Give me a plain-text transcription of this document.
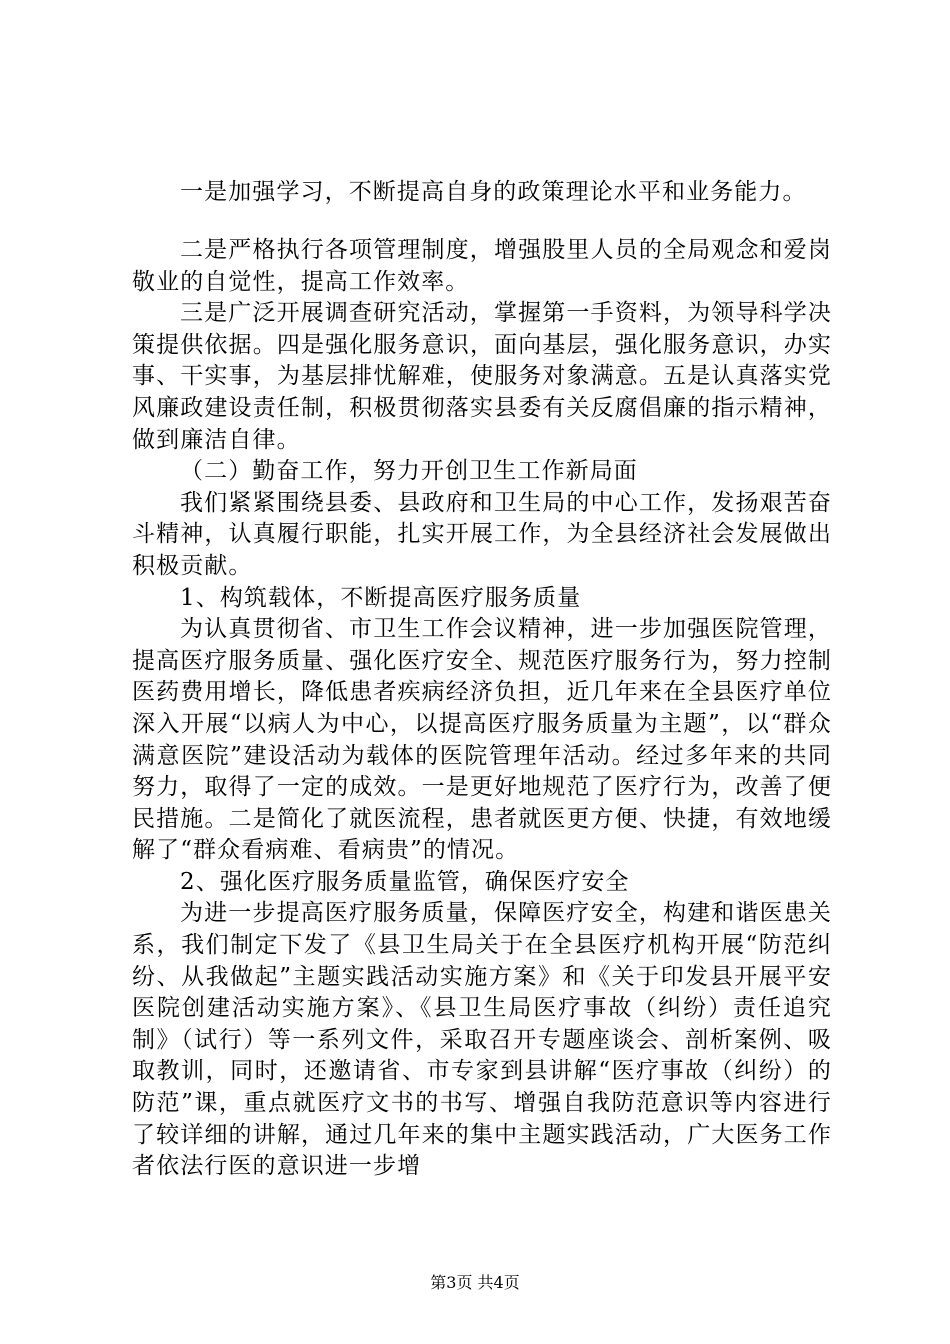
一是加强学习，不断提高自身的政策理论水平和业务能力。

二是严格执行各项管理制度，增强股里人员的全局观念和爱岗敬业的自觉性，提高工作效率。

三是广泛开展调查研究活动，掌握第一手资料，为领导科学决策提供依据。四是强化服务意识，面向基层，强化服务意识，办实事、干实事，为基层排忧解难，使服务对象满意。五是认真落实党风廉政建设责任制，积极贯彻落实县委有关反腐倡廉的指示精神，做到廉洁自律。

（二）勤奋工作，努力开创卫生工作新局面

我们紧紧围绕县委、县政府和卫生局的中心工作，发扬艰苦奋斗精神，认真履行职能，扎实开展工作，为全县经济社会发展做出积极贡献。

1、构筑载体，不断提高医疗服务质量

为认真贯彻省、市卫生工作会议精神，进一步加强医院管理，提高医疗服务质量、强化医疗安全、规范医疗服务行为，努力控制医药费用增长，降低患者疾病经济负担，近几年来在全县医疗单位深入开展“以病人为中心，以提高医疗服务质量为主题”，以“群众满意医院”建设活动为载体的医院管理年活动。经过多年来的共同努力，取得了一定的成效。一是更好地规范了医疗行为，改善了便民措施。二是简化了就医流程，患者就医更方便、快捷，有效地缓解了“群众看病难、看病贵”的情况。

2、强化医疗服务质量监管，确保医疗安全

为进一步提高医疗服务质量，保障医疗安全，构建和谐医患关系，我们制定下发了《县卫生局关于在全县医疗机构开展“防范纠纷、从我做起”主题实践活动实施方案》和《关于印发县开展平安医院创建活动实施方案》、《县卫生局医疗事故（纠纷）责任追究制》（试行）等一系列文件，采取召开专题座谈会、剖析案例、吸取教训，同时，还邀请省、市专家到县讲解“医疗事故（纠纷）的防范”课，重点就医疗文书的书写、增强自我防范意识等内容进行了较详细的讲解，通过几年来的集中主题实践活动，广大医务工作者依法行医的意识进一步增

第3页 共4页
